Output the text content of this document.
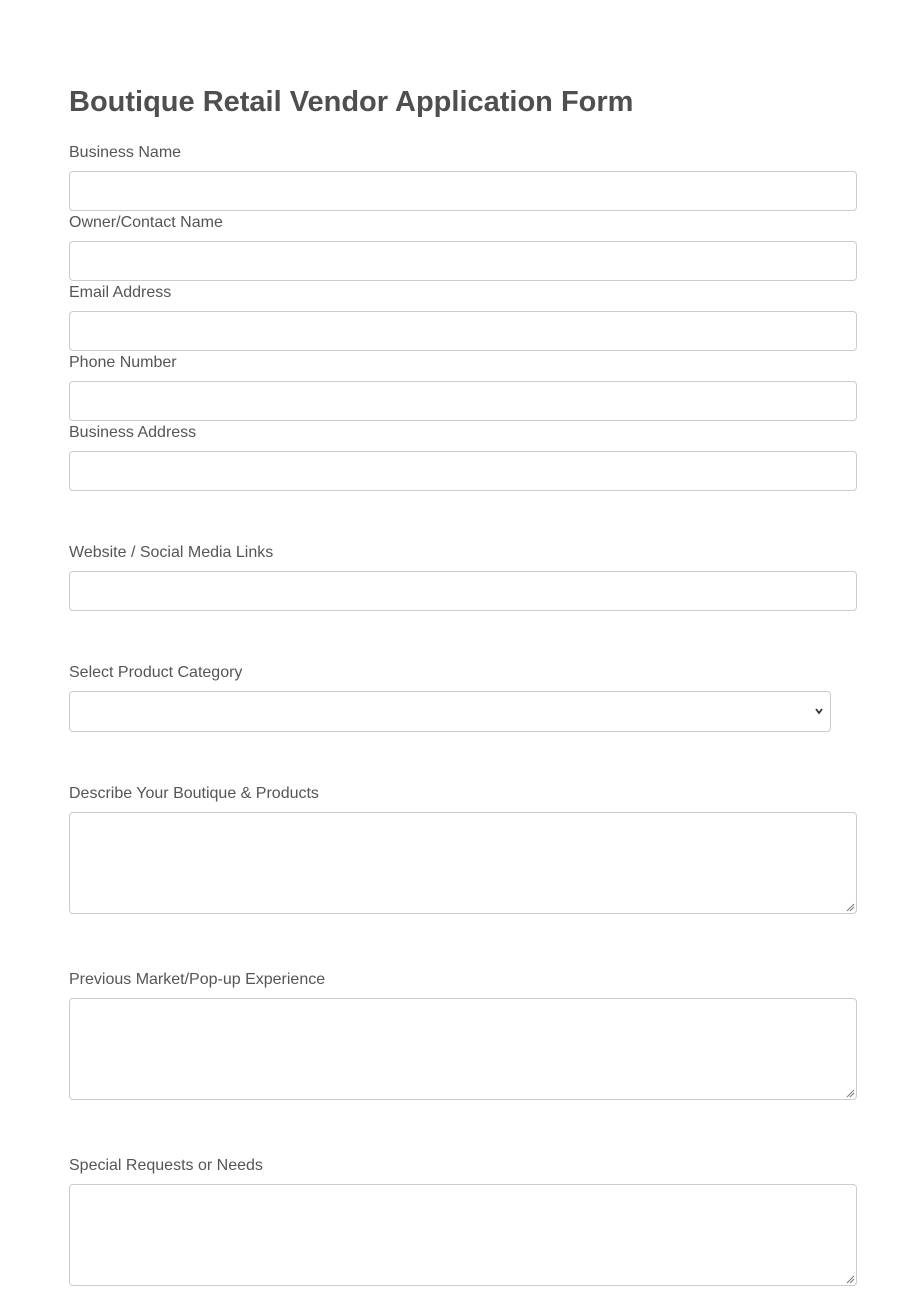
Boutique Retail Vendor Application Form
Business Name
Owner/Contact Name
Email Address
Phone Number
Business Address
Website / Social Media Links
Select Product Category
Describe Your Boutique & Products
Previous Market/Pop-up Experience
Special Requests or Needs
